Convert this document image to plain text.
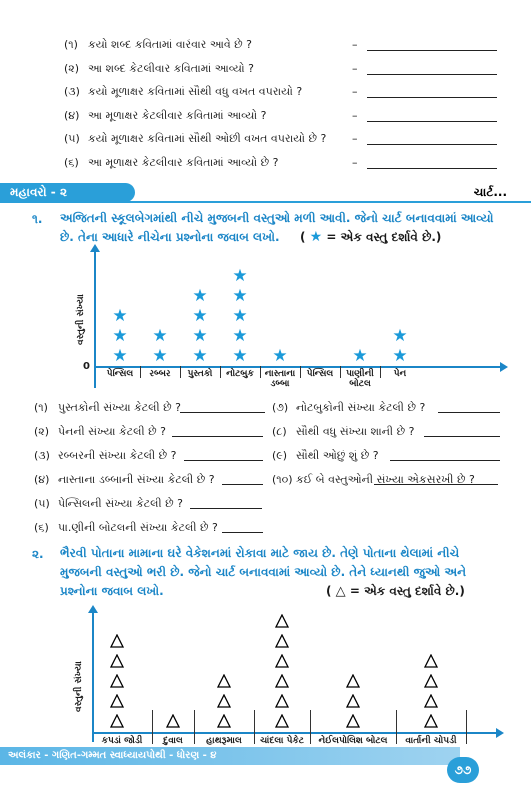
(૧) કયો શબ્દ કવિતામાં વારંવાર આવે છે ?	–
(૨) આ શબ્દ કેટલીવાર કવિતામાં આવ્યો ?	–
(૩) કયો મૂળાક્ષર કવિતામાં સૌથી વધુ વખત વપરાયો ?	–
(૪) આ મૂળાક્ષર કેટલીવાર કવિતામાં આવ્યો ?	–
(૫) કયો મૂળાક્ષર કવિતામાં સૌથી ઓછી વખત વપરાયો છે ? –
(૬) આ મૂળાક્ષર કેટલીવાર કવિતામાં આવ્યો છે ?	–
મહાવરો - ૨	ચાર્ટ...
૧. અજિતની સ્કૂલબેગમાંથી નીચે મુજબની વસ્તુઓ મળી આવી. જેનો ચાર્ટ બનાવવામાં આવ્યો
છે. તેના આધારે નીચેના પ્રશ્નોના જવાબ લખો. ( ★ = એક વસ્તુ દર્શાવે છે.)
0
વસ્તુની સંખ્યા
પેન્સિલ
★
★
★
રબ્બર
★
★
પુસ્તકો
★
★
★
★
નોટબુક
★
★
★
★
★
નાસ્તાના ડબ્બા
★
પેન્સિલ	પાણીની બોટલ
★
પેન
★
★
(૧) પુસ્તકોની સંખ્યા કેટલી છે ?	(૭) નોટબુકોની સંખ્યા કેટલી છે ?
(૨) પેનની સંખ્યા કેટલી છે ?	(૮) સૌથી વધુ સંખ્યા શાની છે ?
(૩) રબ્બરની સંખ્યા કેટલી છે ?	(૯) સૌથી ઓછું શું છે ?
(૪) નાસ્તાના ડબ્બાની સંખ્યા કેટલી છે ?	(૧૦) કઈ બે વસ્તુઓની સંખ્યા એકસરખી છે ?
(૫) પેન્સિલની સંખ્યા કેટલી છે ?
(૬) પા.ણીની બોટલની સંખ્યા કેટલી છે ?
૨. ભૈરવી પોતાના મામાના ઘરે વેકેશનમાં રોકાવા માટે જાય છે. તેણે પોતાના થેલામાં નીચે
મુજબની વસ્તુઓ ભરી છે. જેનો ચાર્ટ બનાવવામાં આવ્યો છે. તેને ધ્યાનથી જુઓ અને
પ્રશ્નોના જવાબ લખો.	( △ = એક વસ્તુ દર્શાવે છે.)
વસ્તુની સંખ્યા
કપડાં જોડી	દુવાલ	હાથરૂમાલ	ચાંદલા પેકેટ	નેઈલપોલિશ બોટલ	વાર્તાની ચોપડી
અલંકાર - ગણિત-ગમ્મત સ્વાધ્યાયપોથી - ધોરણ - ૪
૭૭
